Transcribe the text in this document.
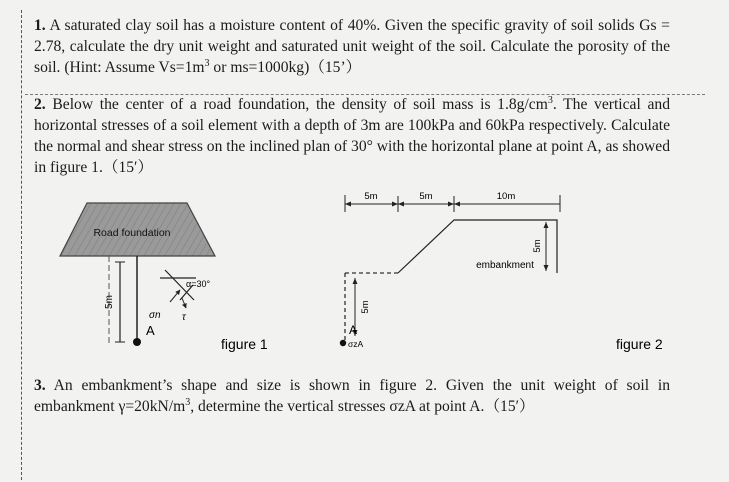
1. A saturated clay soil has a moisture content of 40%. Given the specific gravity of soil solids Gs = 2.78, calculate the dry unit weight and saturated unit weight of the soil. Calculate the porosity of the soil. (Hint: Assume $Vs=1m^3$ or ms=1000kg)（15’）
2. Below the center of a road foundation, the density of soil mass is $1.8g/cm^3$. The vertical and horizontal stresses of a soil element with a depth of 3m are 100kPa and 60kPa respectively. Calculate the normal and shear stress on the inclined plan of 30° with the horizontal plane at point A, as showed in figure 1.（15′）
Road foundation
5m
A
α=30°
σn τ
figure 1
5m	5m	10m
5m
embankment
5m
A
σzA	figure 2
3. An embankment’s shape and size is shown in figure 2. Given the unit weight of soil in embankment $\gamma=20kN/m^3$, determine the vertical stresses σzA at point A.（15′）
